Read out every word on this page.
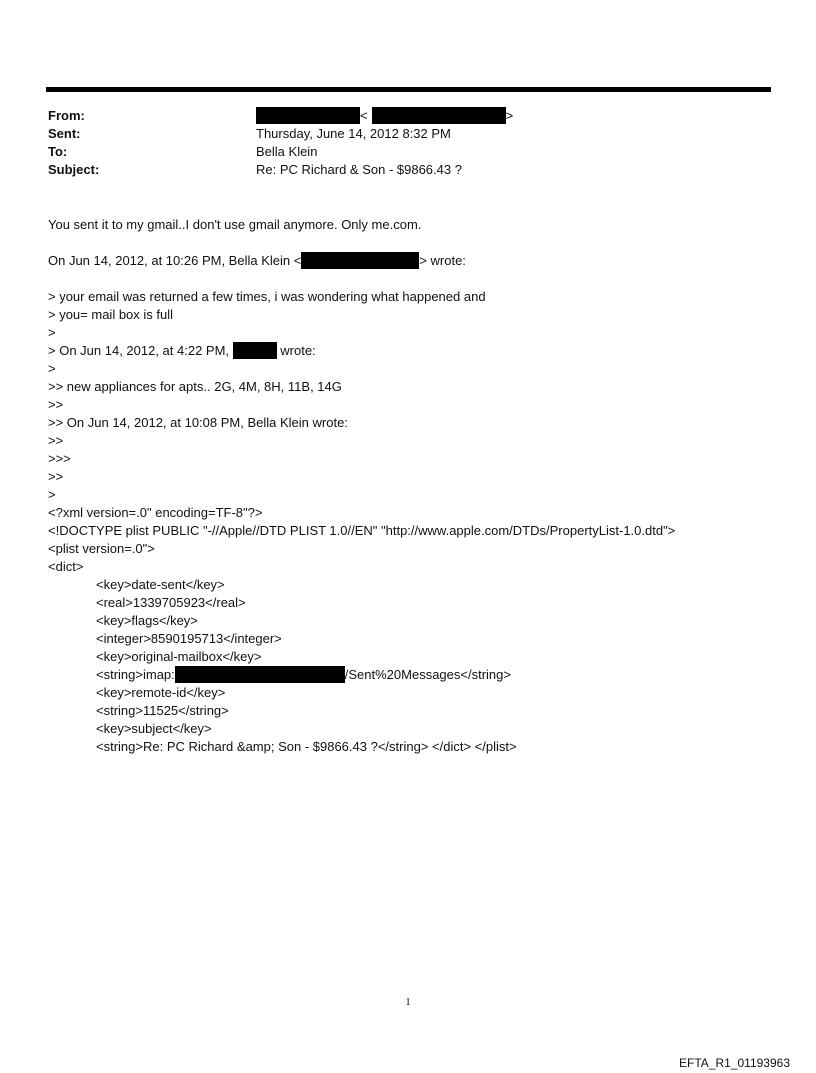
From:	<	>
Sent:	Thursday, June 14, 2012 8:32 PM
To:	Bella Klein
Subject:	Re: PC Richard & Son - $9866.43 ?
You sent it to my gmail..I don't use gmail anymore. Only me.com.
On Jun 14, 2012, at 10:26 PM, Bella Klein <	> wrote:
> your email was returned a few times, i was wondering what happened and
> you= mail box is full
>
> On Jun 14, 2012, at 4:22 PM,	wrote:
>
>> new appliances for apts.. 2G, 4M, 8H, 11B, 14G
>>
>> On Jun 14, 2012, at 10:08 PM, Bella Klein wrote:
>>
>>>
>>
>
<?xml version=.0" encoding=TF-8"?>
<!DOCTYPE plist PUBLIC "-//Apple//DTD PLIST 1.0//EN" "http://www.apple.com/DTDs/PropertyList-1.0.dtd">
<plist version=.0">
<dict>
<key>date-sent</key>
<real>1339705923</real>
<key>flags</key>
<integer>8590195713</integer>
<key>original-mailbox</key>
<string>imap:	/Sent%20Messages</string>
<key>remote-id</key>
<string>11525</string>
<key>subject</key>
<string>Re: PC Richard &amp; Son - $9866.43 ?</string> </dict> </plist>
1
EFTA_R1_01193963
